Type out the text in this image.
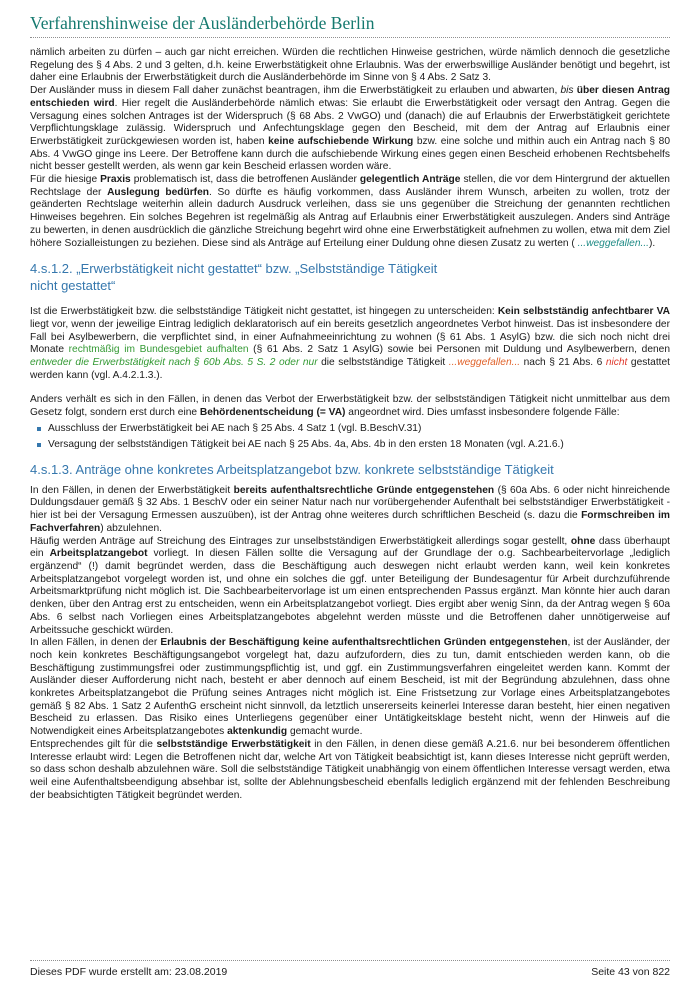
Verfahrenshinweise der Ausländerbehörde Berlin

nämlich arbeiten zu dürfen – auch gar nicht erreichen. Würden die rechtlichen Hinweise gestrichen, würde nämlich dennoch die gesetzliche Regelung des § 4 Abs. 2 und 3 gelten, d.h. keine Erwerbstätigkeit ohne Erlaubnis. Was der erwerbswillige Ausländer benötigt und begehrt, ist daher eine Erlaubnis der Erwerbstätigkeit durch die Ausländerbehörde im Sinne von § 4 Abs. 2 Satz 3.

Der Ausländer muss in diesem Fall daher zunächst beantragen, ihm die Erwerbstätigkeit zu erlauben und abwarten, bis über diesen Antrag entschieden wird. Hier regelt die Ausländerbehörde nämlich etwas: Sie erlaubt die Erwerbstätigkeit oder versagt den Antrag. Gegen die Versagung eines solchen Antrages ist der Widerspruch (§ 68 Abs. 2 VwGO) und (danach) die auf Erlaubnis der Erwerbstätigkeit gerichtete Verpflichtungsklage zulässig. Widerspruch und Anfechtungsklage gegen den Bescheid, mit dem der Antrag auf Erlaubnis einer Erwerbstätigkeit zurückgewiesen worden ist, haben keine aufschiebende Wirkung bzw. eine solche und mithin auch ein Antrag nach § 80 Abs. 4 VwGO ginge ins Leere. Der Betroffene kann durch die aufschiebende Wirkung eines gegen einen Bescheid erhobenen Rechtsbehelfs nicht besser gestellt werden, als wenn gar kein Bescheid erlassen worden wäre.

Für die hiesige Praxis problematisch ist, dass die betroffenen Ausländer gelegentlich Anträge stellen, die vor dem Hintergrund der aktuellen Rechtslage der Auslegung bedürfen. So dürfte es häufig vorkommen, dass Ausländer ihrem Wunsch, arbeiten zu wollen, trotz der geänderten Rechtslage weiterhin allein dadurch Ausdruck verleihen, dass sie uns gegenüber die Streichung der genannten rechtlichen Hinweises begehren. Ein solches Begehren ist regelmäßig als Antrag auf Erlaubnis einer Erwerbstätigkeit auszulegen. Anders sind Anträge zu bewerten, in denen ausdrücklich die gänzliche Streichung begehrt wird ohne eine Erwerbstätigkeit aufnehmen zu wollen, etwa mit dem Ziel höhere Sozialleistungen zu beziehen. Diese sind als Anträge auf Erteilung einer Duldung ohne diesen Zusatz zu werten ( ...weggefallen...).

4.s.1.2. „Erwerbstätigkeit nicht gestattet“ bzw. „Selbstständige Tätigkeit
nicht gestattet“

Ist die Erwerbstätigkeit bzw. die selbstständige Tätigkeit nicht gestattet, ist hingegen zu unterscheiden: Kein selbstständig anfechtbarer VA liegt vor, wenn der jeweilige Eintrag lediglich deklaratorisch auf ein bereits gesetzlich angeordnetes Verbot hinweist. Das ist insbesondere der Fall bei Asylbewerbern, die verpflichtet sind, in einer Aufnahmeeinrichtung zu wohnen (§ 61 Abs. 1 AsylG) bzw. die sich noch nicht drei Monate rechtmäßig im Bundesgebiet aufhalten (§ 61 Abs. 2 Satz 1 AsylG) sowie bei Personen mit Duldung und Asylbewerbern, denen entweder die Erwerbstätigkeit nach § 60b Abs. 5 S. 2 oder nur die selbstständige Tätigkeit ...weggefallen... nach § 21 Abs. 6 nicht gestattet werden kann (vgl. A.4.2.1.3.).

Anders verhält es sich in den Fällen, in denen das Verbot der Erwerbstätigkeit bzw. der selbstständigen Tätigkeit nicht unmittelbar aus dem Gesetz folgt, sondern erst durch eine Behördenentscheidung (= VA) angeordnet wird. Dies umfasst insbesondere folgende Fälle:

Ausschluss der Erwerbstätigkeit bei AE nach § 25 Abs. 4 Satz 1 (vgl. B.BeschV.31)
Versagung der selbstständigen Tätigkeit bei AE nach § 25 Abs. 4a, Abs. 4b in den ersten 18 Monaten (vgl. A.21.6.)
4.s.1.3. Anträge ohne konkretes Arbeitsplatzangebot bzw. konkrete selbstständige Tätigkeit

In den Fällen, in denen der Erwerbstätigkeit bereits aufenthaltsrechtliche Gründe entgegenstehen (§ 60a Abs. 6 oder nicht hinreichende Duldungsdauer gemäß § 32 Abs. 1 BeschV oder ein seiner Natur nach nur vorübergehender Aufenthalt bei selbstständiger Erwerbstätigkeit - hier ist bei der Versagung Ermessen auszuüben), ist der Antrag ohne weiteres durch schriftlichen Bescheid (s. dazu die Formschreiben im Fachverfahren) abzulehnen.

Häufig werden Anträge auf Streichung des Eintrages zur unselbstständigen Erwerbstätigkeit allerdings sogar gestellt, ohne dass überhaupt ein Arbeitsplatzangebot vorliegt. In diesen Fällen sollte die Versagung auf der Grundlage der o.g. Sachbearbeitervorlage „lediglich ergänzend“ (!) damit begründet werden, dass die Beschäftigung auch deswegen nicht erlaubt werden kann, weil kein konkretes Arbeitsplatzangebot vorgelegt worden ist, und ohne ein solches die ggf. unter Beteiligung der Bundesagentur für Arbeit durchzuführende Arbeitsmarktprüfung nicht möglich ist. Die Sachbearbeitervorlage ist um einen entsprechenden Passus ergänzt. Man könnte hier auch daran denken, über den Antrag erst zu entscheiden, wenn ein Arbeitsplatzangebot vorliegt. Dies ergibt aber wenig Sinn, da der Antrag wegen § 60a Abs. 6 selbst nach Vorliegen eines Arbeitsplatzangebotes abgelehnt werden müsste und die Betroffenen daher unnötigerweise auf Arbeitssuche geschickt würden.

In allen Fällen, in denen der Erlaubnis der Beschäftigung keine aufenthaltsrechtlichen Gründen entgegenstehen, ist der Ausländer, der noch kein konkretes Beschäftigungsangebot vorgelegt hat, dazu aufzufordern, dies zu tun, damit entschieden werden kann, ob die Beschäftigung zustimmungsfrei oder zustimmungspflichtig ist, und ggf. ein Zustimmungsverfahren eingeleitet werden kann. Kommt der Ausländer dieser Aufforderung nicht nach, besteht er aber dennoch auf einem Bescheid, ist mit der Begründung abzulehnen, dass ohne konkretes Arbeitsplatzangebot die Prüfung seines Antrages nicht möglich ist. Eine Fristsetzung zur Vorlage eines Arbeitsplatzangebotes gemäß § 82 Abs. 1 Satz 2 AufenthG erscheint nicht sinnvoll, da letztlich unsererseits keinerlei Interesse daran besteht, hier einen negativen Bescheid zu erlassen. Das Risiko eines Unterliegens gegenüber einer Untätigkeitsklage besteht nicht, wenn der Hinweis auf die Notwendigkeit eines Arbeitsplatzangebotes aktenkundig gemacht wurde.

Entsprechendes gilt für die selbstständige Erwerbstätigkeit in den Fällen, in denen diese gemäß A.21.6. nur bei besonderem öffentlichen Interesse erlaubt wird: Legen die Betroffenen nicht dar, welche Art von Tätigkeit beabsichtigt ist, kann dieses Interesse nicht geprüft werden, so dass schon deshalb abzulehnen wäre. Soll die selbstständige Tätigkeit unabhängig von einem öffentlichen Interesse versagt werden, etwa weil eine Aufenthaltsbeendigung absehbar ist, sollte der Ablehnungsbescheid ebenfalls lediglich ergänzend mit der fehlenden Beschreibung der beabsichtigten Tätigkeit begründet werden.

Dieses PDF wurde erstellt am: 23.08.2019	Seite 43 von 822
